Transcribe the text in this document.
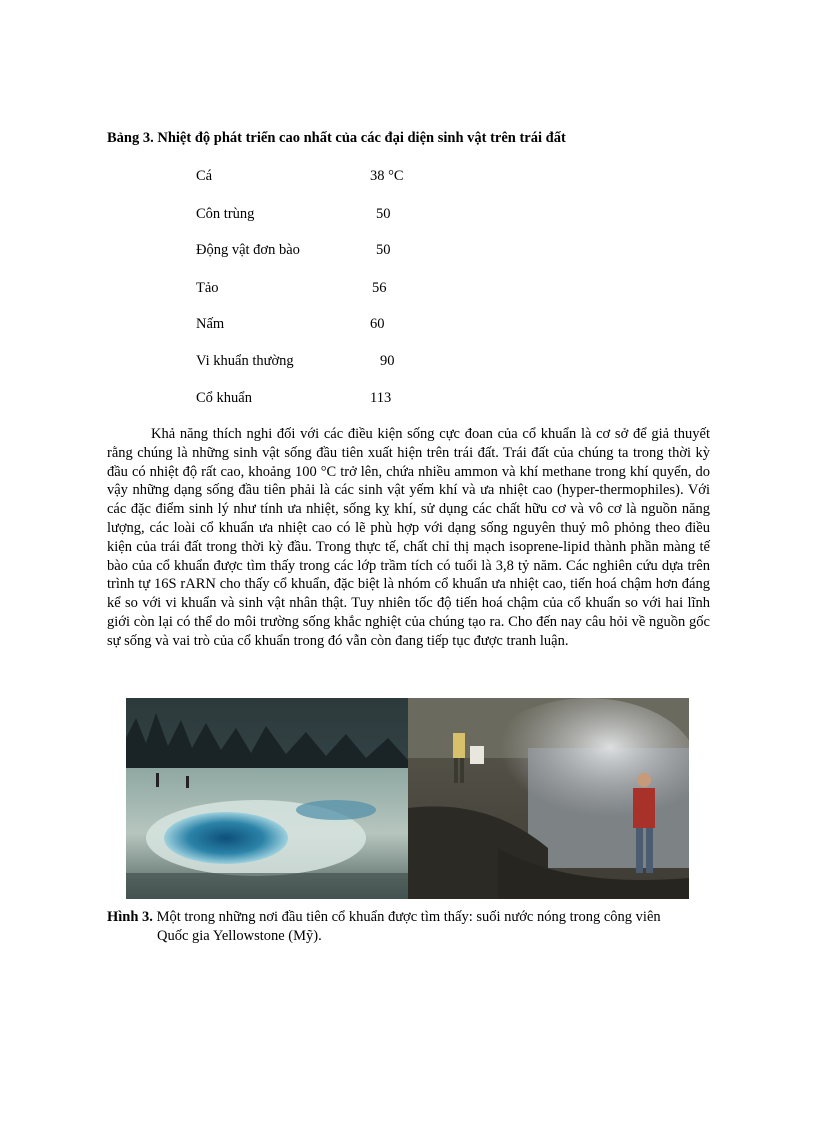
Bảng 3. Nhiệt độ phát triển cao nhất của các đại diện sinh vật trên trái đất
Cá	38 °C
Côn trùng	50
Động vật đơn bào	50
Tảo	56
Nấm	60
Vi khuẩn thường	90
Cổ khuẩn	113
Khả năng thích nghi đối với các điều kiện sống cực đoan của cổ khuẩn là cơ sở để giả thuyết rằng chúng là những sinh vật sống đầu tiên xuất hiện trên trái đất. Trái đất của chúng ta trong thời kỳ đầu có nhiệt độ rất cao, khoảng 100 °C trở lên, chứa nhiều ammon và khí methane trong khí quyển, do vậy những dạng sống đầu tiên phải là các sinh vật yếm khí và ưa nhiệt cao (hyper-thermophiles). Với các đặc điểm sinh lý như tính ưa nhiệt, sống kỵ khí, sử dụng các chất hữu cơ và vô cơ là nguồn năng lượng, các loài cổ khuẩn ưa nhiệt cao có lẽ phù hợp với dạng sống nguyên thuỷ mô phỏng theo điều kiện của trái đất trong thời kỳ đầu. Trong thực tế, chất chỉ thị mạch isoprene-lipid thành phần màng tế bào của cổ khuẩn được tìm thấy trong các lớp trầm tích có tuổi là 3,8 tỷ năm. Các nghiên cứu dựa trên trình tự 16S rARN cho thấy cổ khuẩn, đặc biệt là nhóm cổ khuẩn ưa nhiệt cao, tiến hoá chậm hơn đáng kể so với vi khuẩn và sinh vật nhân thật. Tuy nhiên tốc độ tiến hoá chậm của cổ khuẩn so với hai lĩnh giới còn lại có thể do môi trường sống khắc nghiệt của chúng tạo ra. Cho đến nay câu hỏi về nguồn gốc sự sống và vai trò của cổ khuẩn trong đó vẫn còn đang tiếp tục được tranh luận.
Hình 3. Một trong những nơi đầu tiên cổ khuẩn được tìm thấy: suối nước nóng trong công viên
Quốc gia Yellowstone (Mỹ).
